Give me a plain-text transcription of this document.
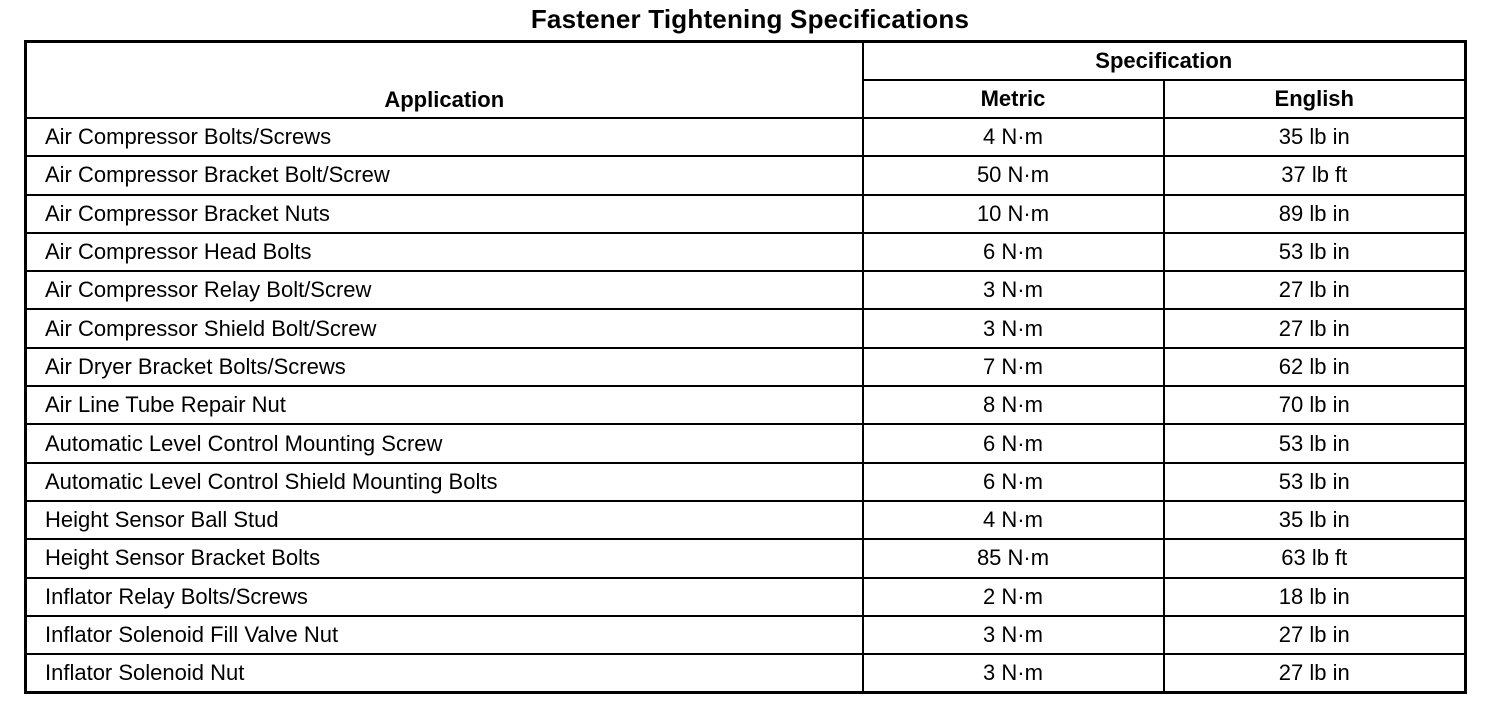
Fastener Tightening Specifications
Application	Specification	
	Metric	English
Air Compressor Bolts/Screws	4 N·m	35 lb in
Air Compressor Bracket Bolt/Screw	50 N·m	37 lb ft
Air Compressor Bracket Nuts	10 N·m	89 lb in
Air Compressor Head Bolts	6 N·m	53 lb in
Air Compressor Relay Bolt/Screw	3 N·m	27 lb in
Air Compressor Shield Bolt/Screw	3 N·m	27 lb in
Air Dryer Bracket Bolts/Screws	7 N·m	62 lb in
Air Line Tube Repair Nut	8 N·m	70 lb in
Automatic Level Control Mounting Screw	6 N·m	53 lb in
Automatic Level Control Shield Mounting Bolts	6 N·m	53 lb in
Height Sensor Ball Stud	4 N·m	35 lb in
Height Sensor Bracket Bolts	85 N·m	63 lb ft
Inflator Relay Bolts/Screws	2 N·m	18 lb in
Inflator Solenoid Fill Valve Nut	3 N·m	27 lb in
Inflator Solenoid Nut	3 N·m	27 lb in
